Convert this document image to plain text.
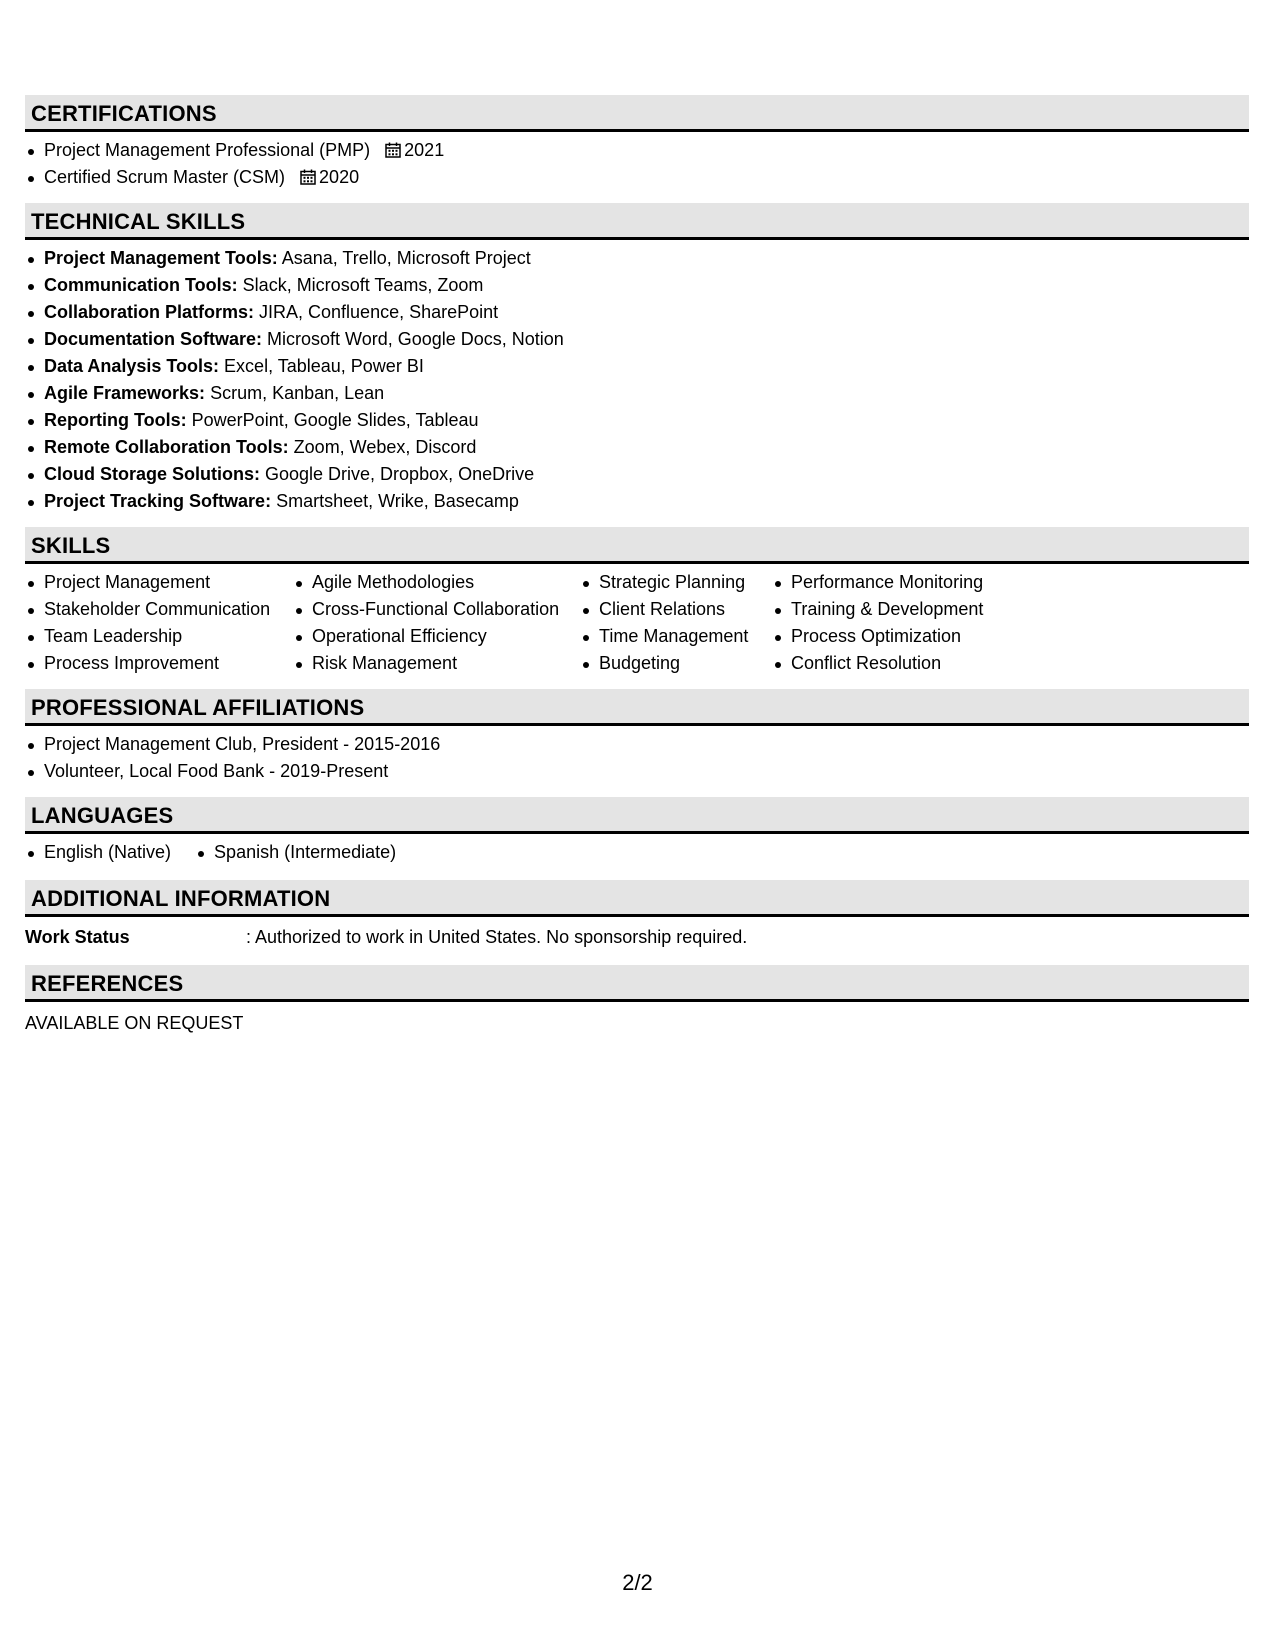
CERTIFICATIONS
Project Management Professional (PMP) 2021
Certified Scrum Master (CSM) 2020
TECHNICAL SKILLS
Project Management Tools: Asana, Trello, Microsoft Project
Communication Tools: Slack, Microsoft Teams, Zoom
Collaboration Platforms: JIRA, Confluence, SharePoint
Documentation Software: Microsoft Word, Google Docs, Notion
Data Analysis Tools: Excel, Tableau, Power BI
Agile Frameworks: Scrum, Kanban, Lean
Reporting Tools: PowerPoint, Google Slides, Tableau
Remote Collaboration Tools: Zoom, Webex, Discord
Cloud Storage Solutions: Google Drive, Dropbox, OneDrive
Project Tracking Software: Smartsheet, Wrike, Basecamp
SKILLS
Project Management
Stakeholder Communication
Team Leadership
Process Improvement
Agile Methodologies
Cross-Functional Collaboration
Operational Efficiency
Risk Management
Strategic Planning
Client Relations
Time Management
Budgeting
Performance Monitoring
Training & Development
Process Optimization
Conflict Resolution
PROFESSIONAL AFFILIATIONS
Project Management Club, President - 2015-2016
Volunteer, Local Food Bank - 2019-Present
LANGUAGES
English (Native)	Spanish (Intermediate)
ADDITIONAL INFORMATION
Work Status	: Authorized to work in United States. No sponsorship required.
REFERENCES
AVAILABLE ON REQUEST
2/2
